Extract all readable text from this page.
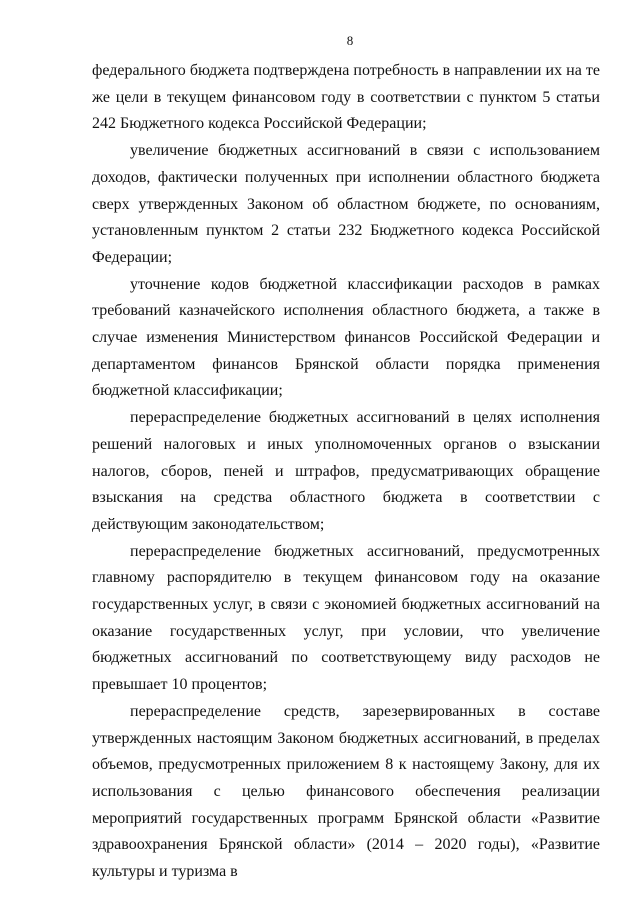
8

федерального бюджета подтверждена потребность в направлении их на те же цели в текущем финансовом году в соответствии с пунктом 5 статьи 242 Бюджетного кодекса Российской Федерации;

увеличение бюджетных ассигнований в связи с использованием доходов, фактически полученных при исполнении областного бюджета сверх утвержденных Законом об областном бюджете, по основаниям, установленным пунктом 2 статьи 232 Бюджетного кодекса Российской Федерации;

уточнение кодов бюджетной классификации расходов в рамках требований казначейского исполнения областного бюджета, а также в случае изменения Министерством финансов Российской Федерации и департаментом финансов Брянской области порядка применения бюджетной классификации;

перераспределение бюджетных ассигнований в целях исполнения решений налоговых и иных уполномоченных органов о взыскании налогов, сборов, пеней и штрафов, предусматривающих обращение взыскания на средства областного бюджета в соответствии с действующим законодательством;

перераспределение бюджетных ассигнований, предусмотренных главному распорядителю в текущем финансовом году на оказание государственных услуг, в связи с экономией бюджетных ассигнований на оказание государственных услуг, при условии, что увеличение бюджетных ассигнований по соответствующему виду расходов не превышает 10 процентов;

перераспределение средств, зарезервированных в составе утвержденных настоящим Законом бюджетных ассигнований, в пределах объемов, предусмотренных приложением 8 к настоящему Закону, для их использования с целью финансового обеспечения реализации мероприятий государственных программ Брянской области «Развитие здравоохранения Брянской области» (2014 – 2020 годы), «Развитие культуры и туризма в
